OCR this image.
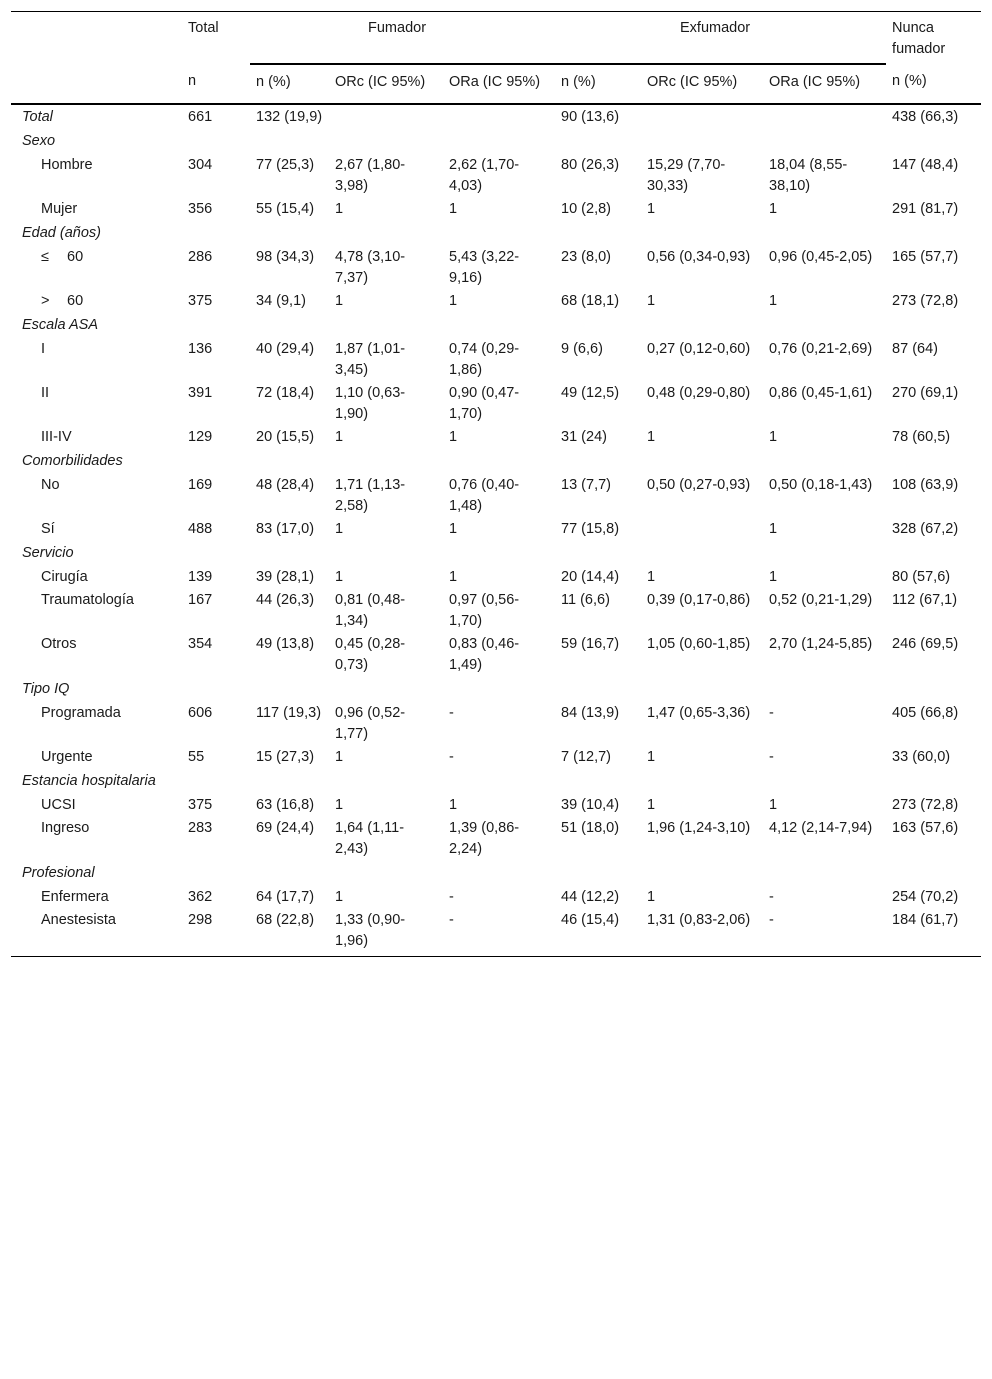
	Total	Fumador			Exfumador			Nunca fumador
	n	n (%)	ORc (IC 95%)	ORa (IC 95%)	n (%)	ORc (IC 95%)	ORa (IC 95%)	n (%)
Total	661	132 (19,9)			90 (13,6)			438 (66,3)
Sexo								
Hombre	304	77 (25,3)	2,67 (1,80-3,98)	2,62 (1,70-4,03)	80 (26,3)	15,29 (7,70-30,33)	18,04 (8,55-38,10)	147 (48,4)
Mujer	356	55 (15,4)	1	1	10 (2,8)	1	1	291 (81,7)
Edad (años)								
≤ 60	286	98 (34,3)	4,78 (3,10-7,37)	5,43 (3,22-9,16)	23 (8,0)	0,56 (0,34-0,93)	0,96 (0,45-2,05)	165 (57,7)
> 60	375	34 (9,1)	1	1	68 (18,1)	1	1	273 (72,8)
Escala ASA								
I	136	40 (29,4)	1,87 (1,01-3,45)	0,74 (0,29-1,86)	9 (6,6)	0,27 (0,12-0,60)	0,76 (0,21-2,69)	87 (64)
II	391	72 (18,4)	1,10 (0,63-1,90)	0,90 (0,47-1,70)	49 (12,5)	0,48 (0,29-0,80)	0,86 (0,45-1,61)	270 (69,1)
III-IV	129	20 (15,5)	1	1	31 (24)	1	1	78 (60,5)
Comorbilidades								
No	169	48 (28,4)	1,71 (1,13-2,58)	0,76 (0,40-1,48)	13 (7,7)	0,50 (0,27-0,93)	0,50 (0,18-1,43)	108 (63,9)
Sí	488	83 (17,0)	1	1	77 (15,8)		1	328 (67,2)
Servicio								
Cirugía	139	39 (28,1)	1	1	20 (14,4)	1	1	80 (57,6)
Traumatología	167	44 (26,3)	0,81 (0,48-1,34)	0,97 (0,56-1,70)	11 (6,6)	0,39 (0,17-0,86)	0,52 (0,21-1,29)	112 (67,1)
Otros	354	49 (13,8)	0,45 (0,28-0,73)	0,83 (0,46-1,49)	59 (16,7)	1,05 (0,60-1,85)	2,70 (1,24-5,85)	246 (69,5)
Tipo IQ								
Programada	606	117 (19,3)	0,96 (0,52-1,77)	-	84 (13,9)	1,47 (0,65-3,36)	-	405 (66,8)
Urgente	55	15 (27,3)	1	-	7 (12,7)	1	-	33 (60,0)
Estancia hospitalaria								
UCSI	375	63 (16,8)	1	1	39 (10,4)	1	1	273 (72,8)
Ingreso	283	69 (24,4)	1,64 (1,11-2,43)	1,39 (0,86-2,24)	51 (18,0)	1,96 (1,24-3,10)	4,12 (2,14-7,94)	163 (57,6)
Profesional								
Enfermera	362	64 (17,7)	1	-	44 (12,2)	1	-	254 (70,2)
Anestesista	298	68 (22,8)	1,33 (0,90-1,96)	-	46 (15,4)	1,31 (0,83-2,06)	-	184 (61,7)
